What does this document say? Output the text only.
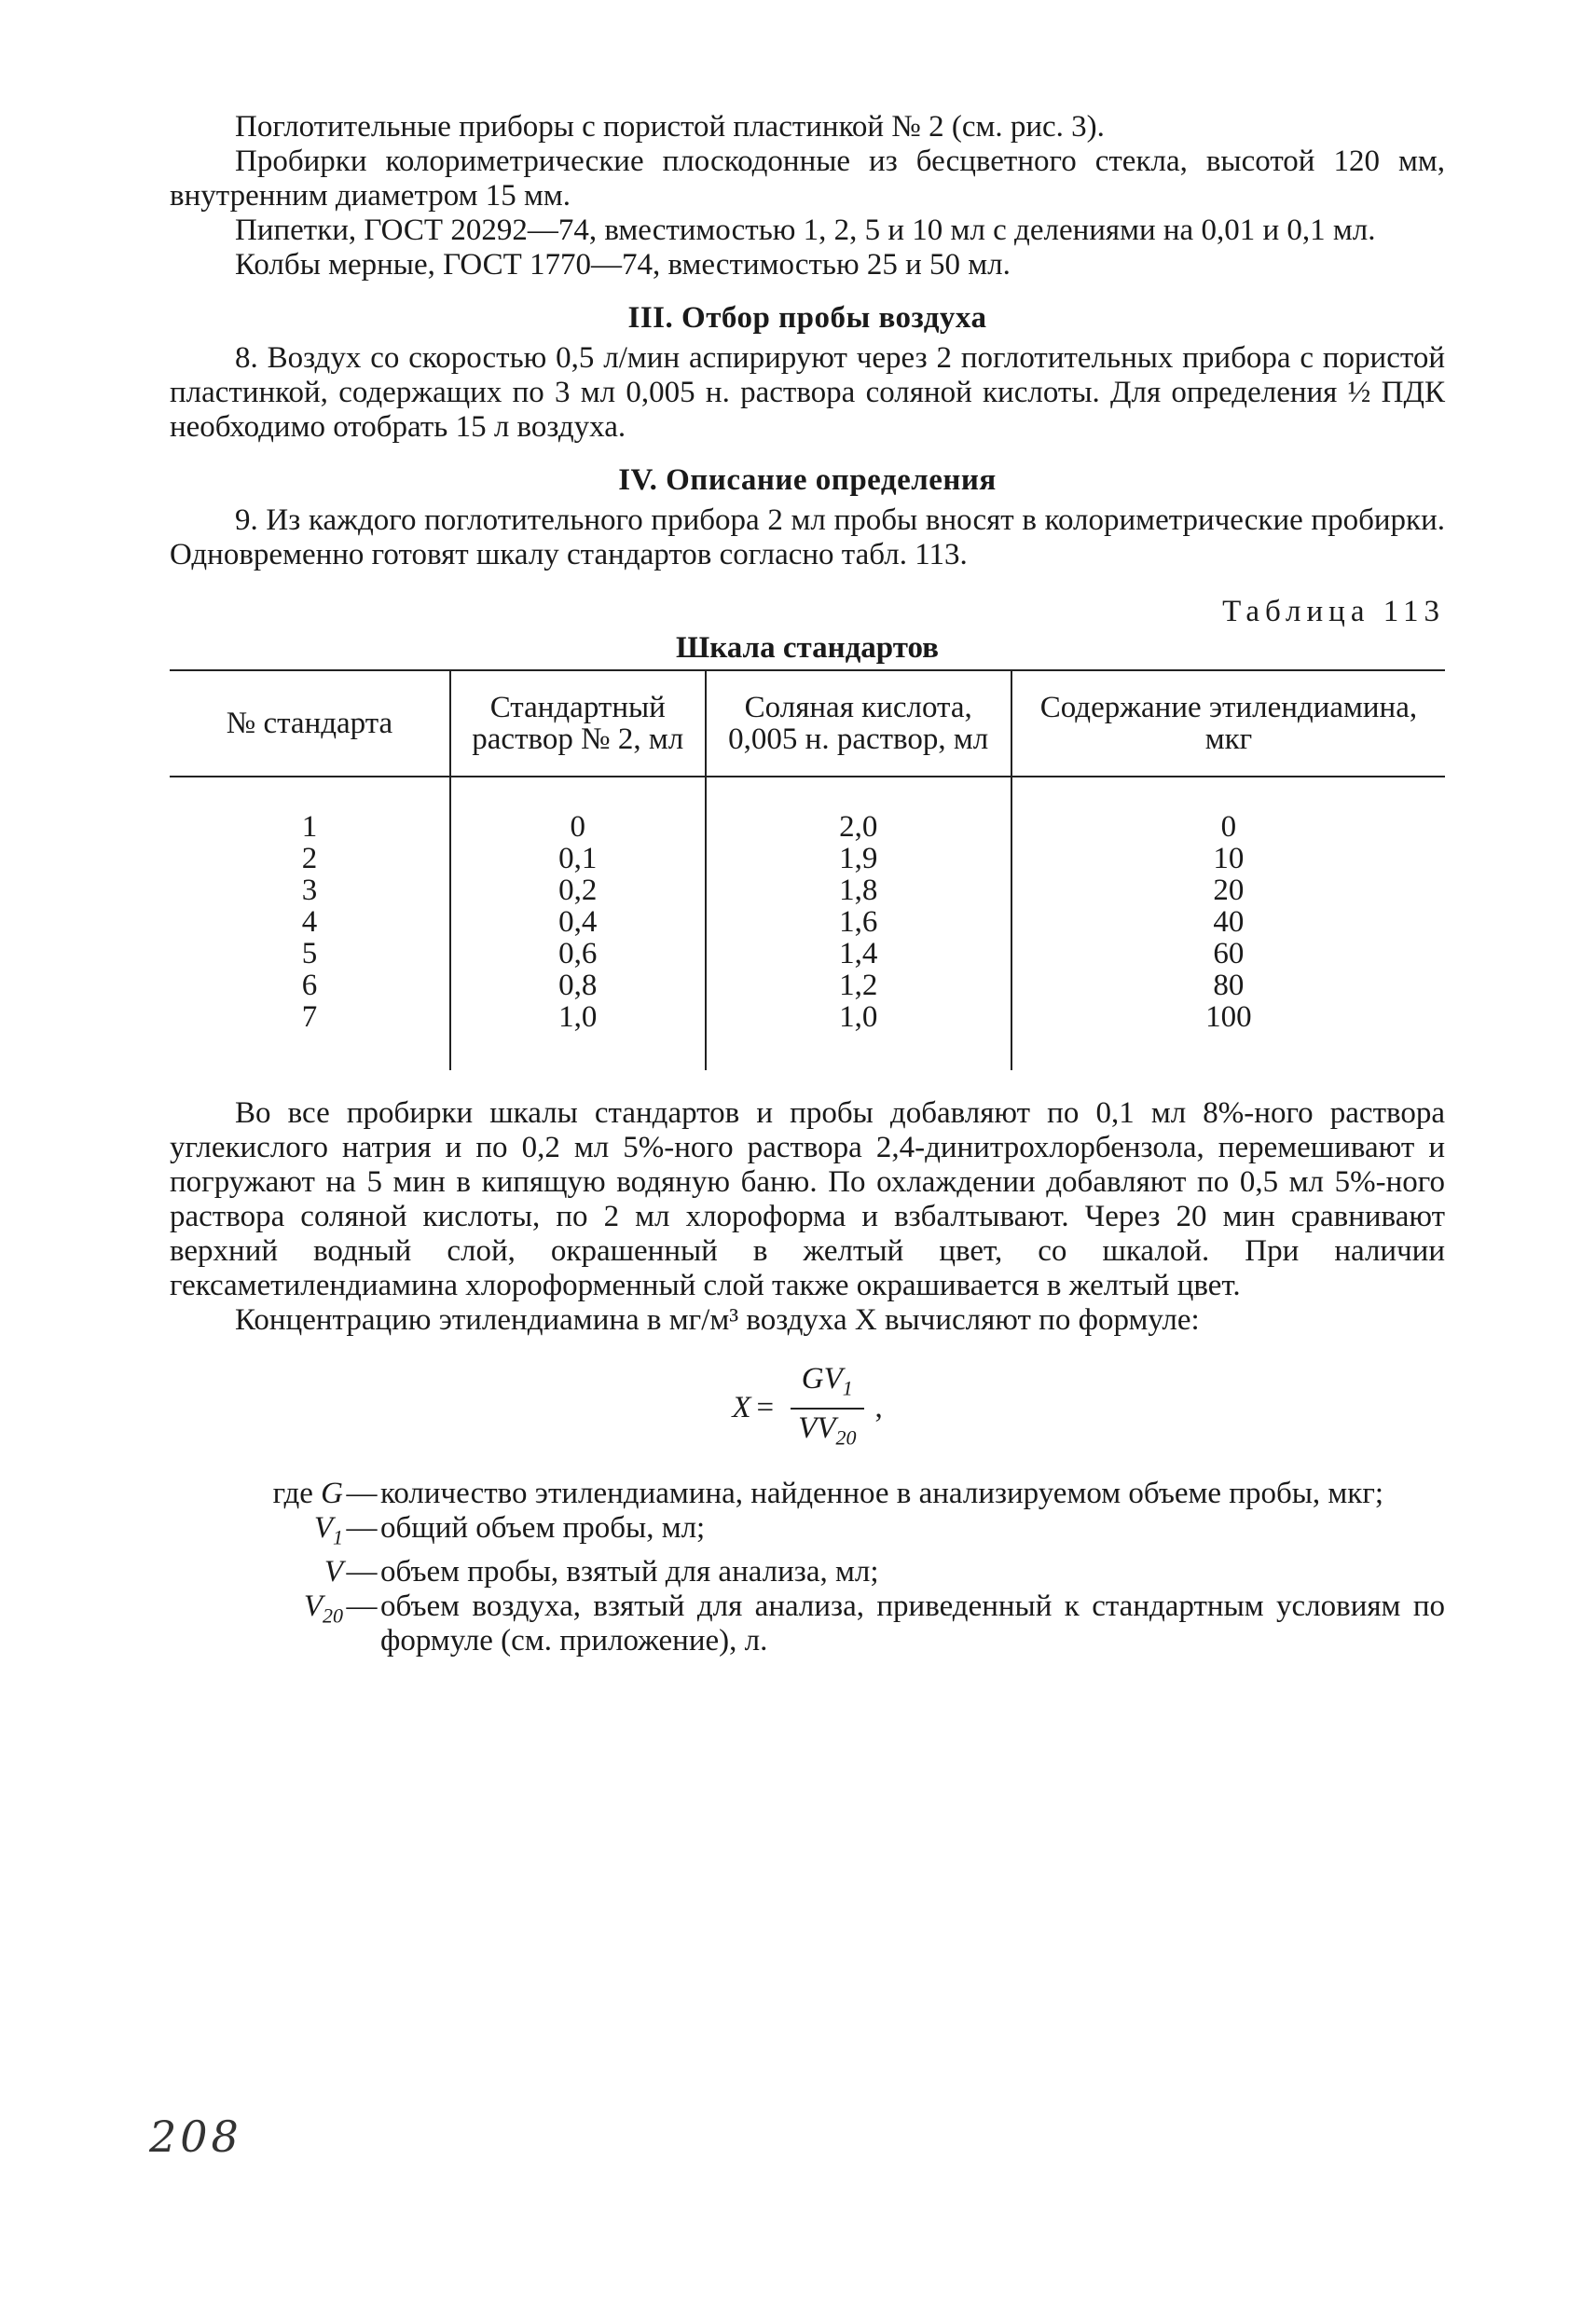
Поглотительные приборы с пористой пластинкой № 2 (см. рис. 3).

Пробирки колориметрические плоскодонные из бесцветного стекла, высотой 120 мм, внутренним диаметром 15 мм.

Пипетки, ГОСТ 20292—74, вместимостью 1, 2, 5 и 10 мл с делениями на 0,01 и 0,1 мл.

Колбы мерные, ГОСТ 1770—74, вместимостью 25 и 50 мл.

III. Отбор пробы воздуха

8. Воздух со скоростью 0,5 л/мин аспирируют через 2 поглотительных прибора с пористой пластинкой, содержащих по 3 мл 0,005 н. раствора соляной кислоты. Для определения ½ ПДК необходимо отобрать 15 л воздуха.

IV. Описание определения

9. Из каждого поглотительного прибора 2 мл пробы вносят в колориметрические пробирки. Одновременно готовят шкалу стандартов согласно табл. 113.

Таблица 113
Шкала стандартов
№ стандарта	Стандартный раствор № 2, мл	Соляная кислота, 0,005 н. раствор, мл	Содержание этилендиамина, мкг

1	0	2,0	0
2	0,1	1,9	10
3	0,2	1,8	20
4	0,4	1,6	40
5	0,6	1,4	60
6	0,8	1,2	80
7	1,0	1,0	100

Во все пробирки шкалы стандартов и пробы добавляют по 0,1 мл 8%-ного раствора углекислого натрия и по 0,2 мл 5%-ного раствора 2,4-динитрохлорбензола, перемешивают и погружают на 5 мин в кипящую водяную баню. По охлаждении добавляют по 0,5 мл 5%-ного раствора соляной кислоты, по 2 мл хлороформа и взбалтывают. Через 20 мин сравнивают верхний водный слой, окрашенный в желтый цвет, со шкалой. При наличии гексаметилендиамина хлороформенный слой также окрашивается в желтый цвет.

Концентрацию этилендиамина в мг/м³ воздуха X вычисляют по формуле:

$X = \frac{GV_1}{VV_{20}}$ ,
где G — количество этилендиамина, найденное в анализируемом объеме пробы, мкг;
$V_1$ — общий объем пробы, мл;
V — объем пробы, взятый для анализа, мл;
$V_{20}$ — объем воздуха, взятый для анализа, приведенный к стандартным условиям по формуле (см. приложение), л.
208
